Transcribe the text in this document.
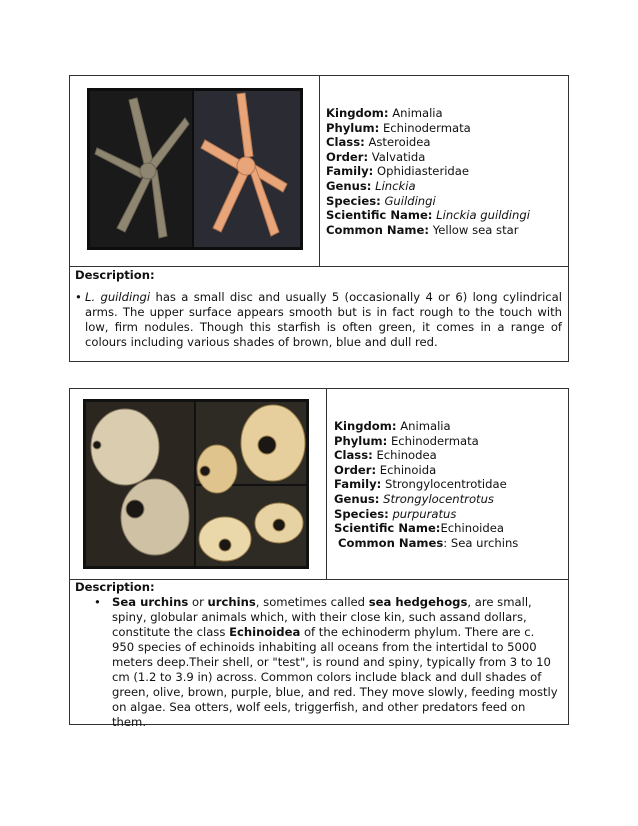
Kingdom: Animalia
Phylum: Echinodermata
Class: Asteroidea
Order: Valvatida
Family: Ophidiasteridae
Genus: Linckia
Species: Guildingi
Scientific Name: Linckia guildingi
Common Name: Yellow sea star
Description:
• L. guildingi has a small disc and usually 5 (occasionally 4 or 6) long cylindrical arms. The upper surface appears smooth but is in fact rough to the touch with low, firm nodules. Though this starfish is often green, it comes in a range of colours including various shades of brown, blue and dull red.
Kingdom: Animalia
Phylum: Echinodermata
Class: Echinodea
Order: Echinoida
Family: Strongylocentrotidae
Genus: Strongylocentrotus
Species: purpuratus
Scientific Name:Echinoidea
Common Names: Sea urchins
Description:
• Sea urchins or urchins, sometimes called sea hedgehogs, are small, spiny, globular animals which, with their close kin, such assand dollars, constitute the class Echinoidea of the echinoderm phylum. There are c. 950 species of echinoids inhabiting all oceans from the intertidal to 5000 meters deep.Their shell, or "test", is round and spiny, typically from 3 to 10 cm (1.2 to 3.9 in) across. Common colors include black and dull shades of green, olive, brown, purple, blue, and red. They move slowly, feeding mostly on algae. Sea otters, wolf eels, triggerfish, and other predators feed on them.
